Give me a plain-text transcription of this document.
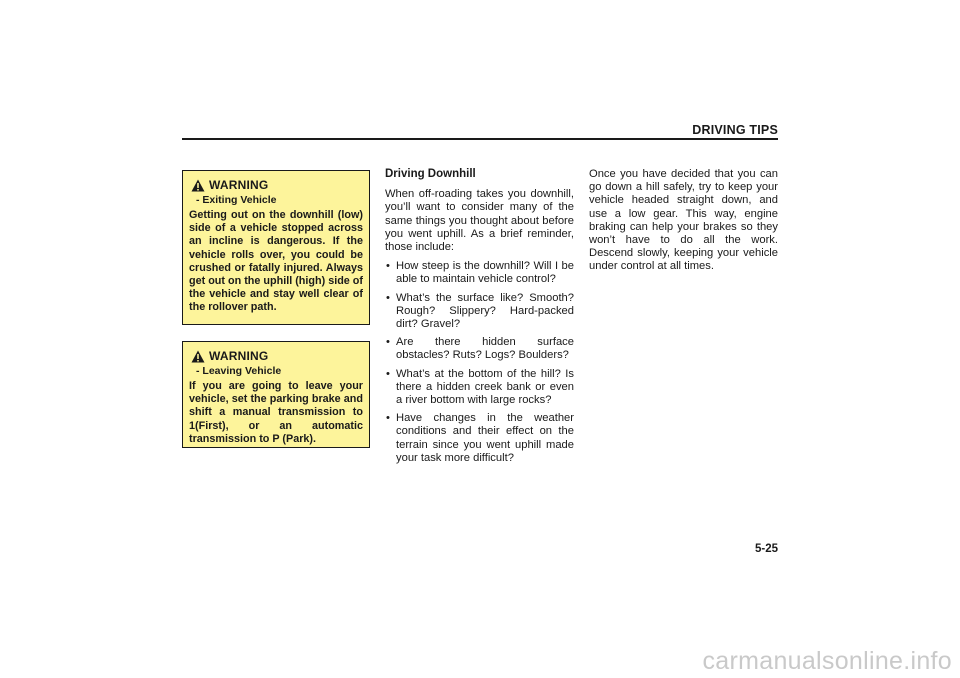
DRIVING TIPS
WARNING
- Exiting Vehicle
Getting out on the downhill (low) side of a vehicle stopped across an incline is dangerous. If the vehicle rolls over, you could be crushed or fatally injured. Always get out on the uphill (high) side of the vehicle and stay well clear of the rollover path.
WARNING
- Leaving Vehicle
If you are going to leave your vehicle, set the parking brake and shift a manual transmission to 1(First), or an automatic transmission to P (Park).
Driving Downhill

When off-roading takes you downhill, you’ll want to consider many of the same things you thought about before you went uphill. As a brief reminder, those include:

• How steep is the downhill? Will I be able to maintain vehicle control?
• What’s the surface like? Smooth? Rough? Slippery? Hard-packed dirt? Gravel?
• Are there hidden surface obstacles? Ruts? Logs? Boulders?
• What’s at the bottom of the hill? Is there a hidden creek bank or even a river bottom with large rocks?
• Have changes in the weather conditions and their effect on the terrain since you went uphill made your task more difficult?

Once you have decided that you can go down a hill safely, try to keep your vehicle headed straight down, and use a low gear. This way, engine braking can help your brakes so they won’t have to do all the work. Descend slowly, keeping your vehicle under control at all times.

5-25
carmanualsonline.info
